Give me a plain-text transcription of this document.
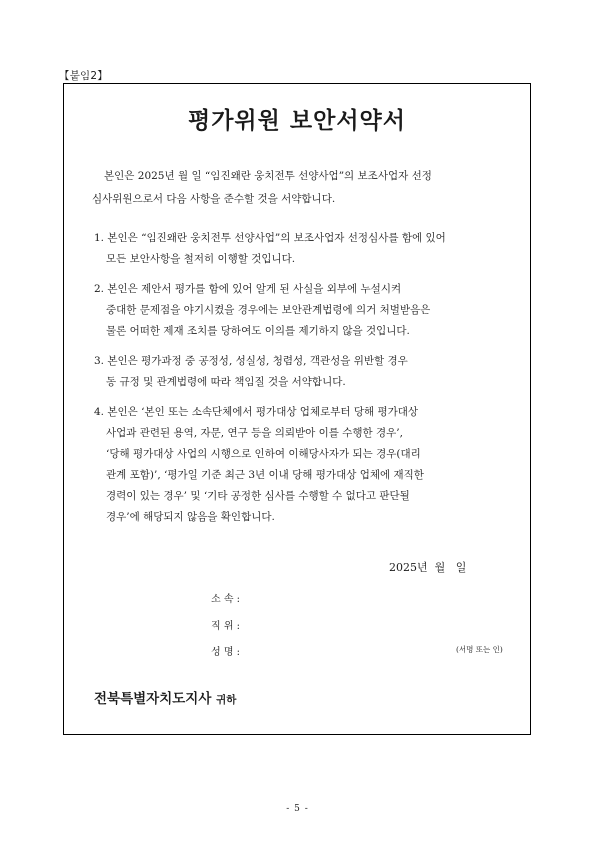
【붙임2】
평가위원 보안서약서
본인은 2025년 월 일 “임진왜란 웅치전투 선양사업”의 보조사업자 선정
심사위원으로서 다음 사항을 준수할 것을 서약합니다.
1. 본인은 “임진왜란 웅치전투 선양사업”의 보조사업자 선정심사를 함에 있어
모든 보안사항을 철저히 이행할 것입니다.
2. 본인은 제안서 평가를 함에 있어 알게 된 사실을 외부에 누설시켜
중대한 문제점을 야기시켰을 경우에는 보안관계법령에 의거 처벌받음은
물론 어떠한 제재 조치를 당하여도 이의를 제기하지 않을 것입니다.
3. 본인은 평가과정 중 공정성, 성실성, 청렴성, 객관성을 위반할 경우
동 규정 및 관계법령에 따라 책임질 것을 서약합니다.
4. 본인은 ‘본인 또는 소속단체에서 평가대상 업체로부터 당해 평가대상
사업과 관련된 용역, 자문, 연구 등을 의뢰받아 이를 수행한 경우’,
‘당해 평가대상 사업의 시행으로 인하여 이해당사자가 되는 경우(대리
관계 포함)’, ‘평가일 기준 최근 3년 이내 당해 평가대상 업체에 재직한
경력이 있는 경우’ 및 ‘기타 공정한 심사를 수행할 수 없다고 판단될
경우’에 해당되지 않음을 확인합니다.
2025년  월   일
소 속 :
직 위 :
성 명 :	(서명 또는 인)
전북특별자치도지사 귀하
- 5 -
